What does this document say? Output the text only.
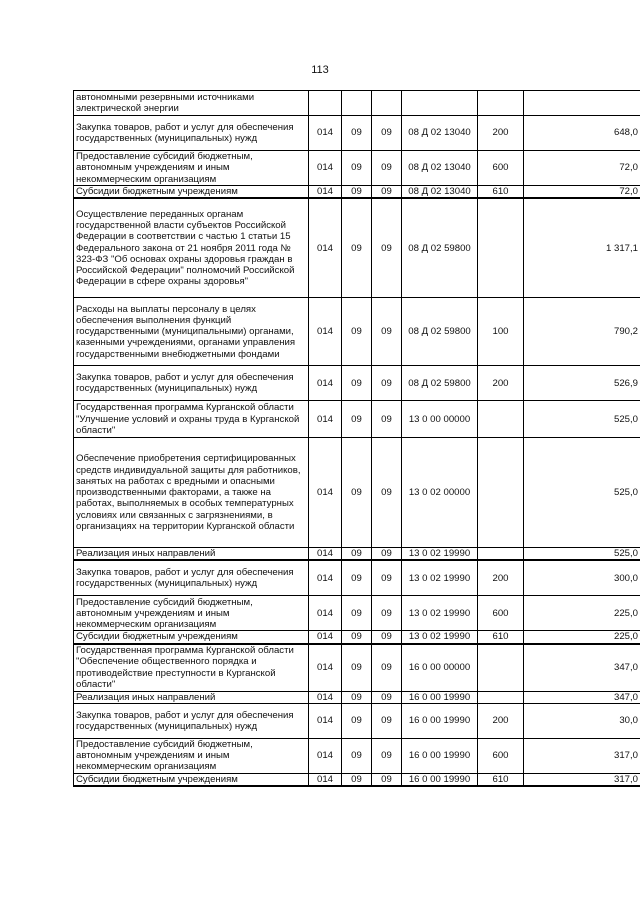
113
автономными резервными источниками электрической энергии						
Закупка товаров, работ и услуг для обеспечения государственных (муниципальных) нужд	014	09	09	08 Д 02 13040	200	648,0
Предоставление субсидий бюджетным, автономным учреждениям и иным некоммерческим организациям	014	09	09	08 Д 02 13040	600	72,0
Субсидии бюджетным учреждениям	014	09	09	08 Д 02 13040	610	72,0
Осуществление переданных органам государственной власти субъектов Российской Федерации в соответствии с частью 1 статьи 15 Федерального закона от 21 ноября 2011 года № 323-ФЗ "Об основах охраны здоровья граждан в Российской Федерации" полномочий Российской Федерации в сфере охраны здоровья"	014	09	09	08 Д 02 59800		1 317,1
Расходы на выплаты персоналу в целях обеспечения выполнения функций государственными (муниципальными) органами, казенными учреждениями, органами управления государственными внебюджетными фондами	014	09	09	08 Д 02 59800	100	790,2
Закупка товаров, работ и услуг для обеспечения государственных (муниципальных) нужд	014	09	09	08 Д 02 59800	200	526,9
Государственная программа Курганской области "Улучшение условий и охраны труда в Курганской области"	014	09	09	13 0 00 00000		525,0
Обеспечение приобретения сертифицированных средств индивидуальной защиты для работников, занятых на работах с вредными и опасными производственными факторами, а также на работах, выполняемых в особых температурных условиях или связанных с загрязнениями, в организациях на территории Курганской области	014	09	09	13 0 02 00000		525,0
Реализация иных направлений	014	09	09	13 0 02 19990		525,0
Закупка товаров, работ и услуг для обеспечения государственных (муниципальных) нужд	014	09	09	13 0 02 19990	200	300,0
Предоставление субсидий бюджетным, автономным учреждениям и иным некоммерческим организациям	014	09	09	13 0 02 19990	600	225,0
Субсидии бюджетным учреждениям	014	09	09	13 0 02 19990	610	225,0
Государственная программа Курганской области "Обеспечение общественного порядка и противодействие преступности в Курганской области"	014	09	09	16 0 00 00000		347,0
Реализация иных направлений	014	09	09	16 0 00 19990		347,0
Закупка товаров, работ и услуг для обеспечения государственных (муниципальных) нужд	014	09	09	16 0 00 19990	200	30,0
Предоставление субсидий бюджетным, автономным учреждениям и иным некоммерческим организациям	014	09	09	16 0 00 19990	600	317,0
Субсидии бюджетным учреждениям	014	09	09	16 0 00 19990	610	317,0
